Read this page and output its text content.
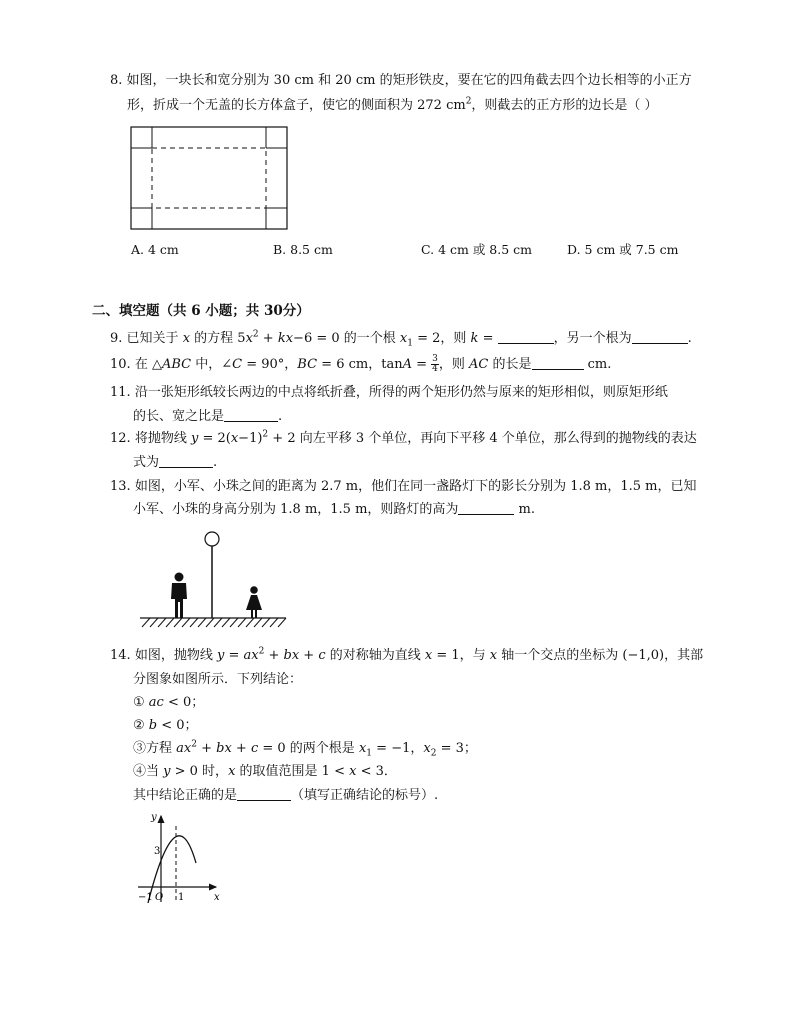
8. 如图，一块长和宽分别为 30 cm 和 20 cm 的矩形铁皮，要在它的四角截去四个边长相等的小正方
形，折成一个无盖的长方体盒子，使它的侧面积为 272 $cm^2$，则截去的正方形的边长是（ ）
A. 4 cm	B. 8.5 cm	C. 4 cm 或 8.5 cm	D. 5 cm 或 7.5 cm
二、填空题（共 6 小题；共 30分）
9. 已知关于 x 的方程 $5x^2 + kx-6 = 0$ 的一个根 $x_1 = 2$，则 k =	，另一个根为	.
10. 在 △ABC 中，∠C = 90°，BC = 6 cm，$\tan A = \frac{3}{4}$ ，则 AC 的长是	cm.
11. 沿一张矩形纸较长两边的中点将纸折叠，所得的两个矩形仍然与原来的矩形相似，则原矩形纸
的长、宽之比是	.
12. 将抛物线 $y = 2(x-1)^2 + 2$ 向左平移 3 个单位，再向下平移 4 个单位，那么得到的抛物线的表达
式为	.
13. 如图，小军、小珠之间的距离为 2.7 m，他们在同一盏路灯下的影长分别为 1.8 m，1.5 m，已知
小军、小珠的身高分别为 1.8 m，1.5 m，则路灯的高为	m.
14. 如图，抛物线 $y = ax^2$ + bx + c 的对称轴为直线 x = 1，与 x 轴一个交点的坐标为 (−1,0)，其部
分图象如图所示．下列结论：
① ac < 0；
② b < 0；
③方程 $ax^2$ + bx + c = 0 的两个根是 $x_1 = -1$，$x_2 = 3$；
④当 y > 0 时，x 的取值范围是 1 < x < 3．
其中结论正确的是	（填写正确结论的标号）.
y
x
3
−1 O 1
